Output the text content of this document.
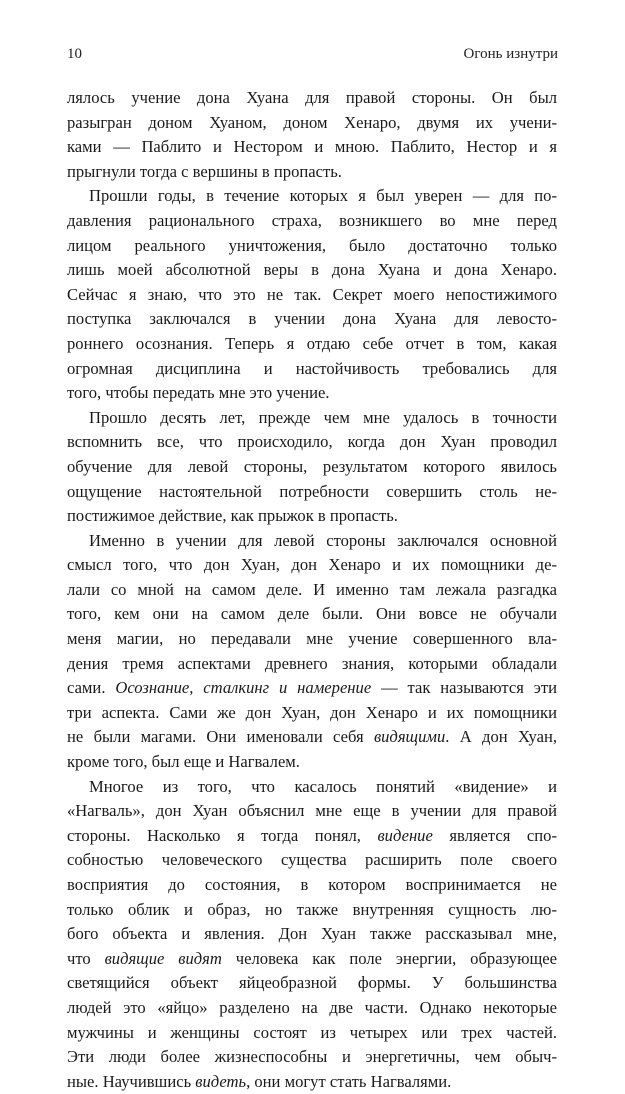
10	Огонь изнутри
лялось учение дона Хуана для правой стороны. Он был
разыгран доном Хуаном, доном Хенаро, двумя их учени-
ками — Паблито и Нестором и мною. Паблито, Нестор и я
прыгнули тогда с вершины в пропасть.
Прошли годы, в течение которых я был уверен — для по-
давления рационального страха, возникшего во мне перед
лицом реального уничтожения, было достаточно только
лишь моей абсолютной веры в дона Хуана и дона Хенаро.
Сейчас я знаю, что это не так. Секрет моего непостижимого
поступка заключался в учении дона Хуана для левосто-
роннего осознания. Теперь я отдаю себе отчет в том, какая
огромная дисциплина и настойчивость требовались для
того, чтобы передать мне это учение.
Прошло десять лет, прежде чем мне удалось в точности
вспомнить все, что происходило, когда дон Хуан проводил
обучение для левой стороны, результатом которого явилось
ощущение настоятельной потребности совершить столь не-
постижимое действие, как прыжок в пропасть.
Именно в учении для левой стороны заключался основной
смысл того, что дон Хуан, дон Хенаро и их помощники де-
лали со мной на самом деле. И именно там лежала разгадка
того, кем они на самом деле были. Они вовсе не обучали
меня магии, но передавали мне учение совершенного вла-
дения тремя аспектами древнего знания, которыми обладали
сами. Осознание, сталкинг и намерение — так называются эти
три аспекта. Сами же дон Хуан, дон Хенаро и их помощники
не были магами. Они именовали себя видящими. А дон Хуан,
кроме того, был еще и Нагвалем.
Многое из того, что касалось понятий «видение» и
«Нагваль», дон Хуан объяснил мне еще в учении для правой
стороны. Насколько я тогда понял, видение является спо-
собностью человеческого существа расширить поле своего
восприятия до состояния, в котором воспринимается не
только облик и образ, но также внутренняя сущность лю-
бого объекта и явления. Дон Хуан также рассказывал мне,
что видящие видят человека как поле энергии, образующее
светящийся объект яйцеобразной формы. У большинства
людей это «яйцо» разделено на две части. Однако некоторые
мужчины и женщины состоят из четырех или трех частей.
Эти люди более жизнеспособны и энергетичны, чем обыч-
ные. Научившись видеть, они могут стать Нагвалями.
